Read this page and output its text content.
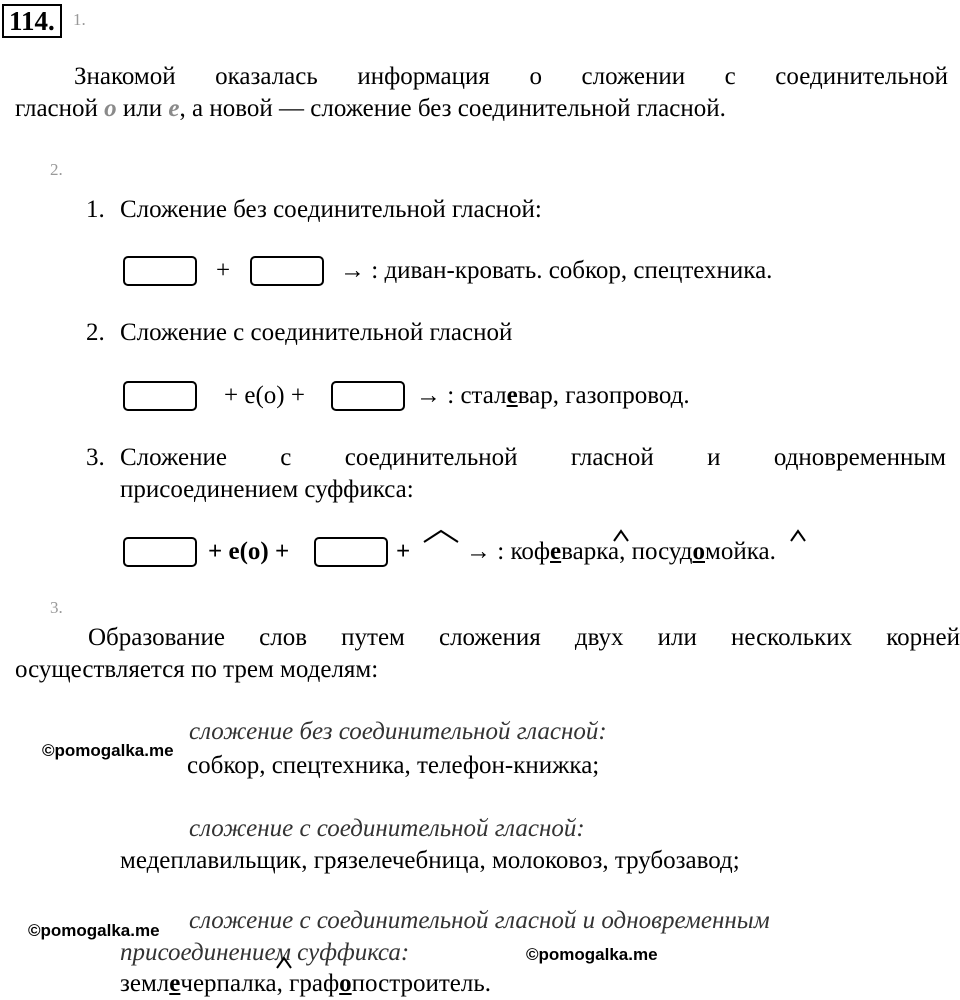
114.	1.
Знакомой оказалась информация о сложении с соединительной
гласной о или е, а новой — сложение без соединительной гласной.
2.
1. Сложение без соединительной гласной:
+	→ : диван-кровать. собкор, спецтехника.
2. Сложение с соединительной гласной
+ е(о) +	→ : сталевар, газопровод.
3. Сложение с соединительной гласной и одновременным
присоединением суффикса:
+ е(о) +	+ → : кофеварка, посудомойка.
3.
Образование слов путем сложения двух или нескольких корней
осуществляется по трем моделям:
сложение без соединительной гласной:
собкор, спецтехника, телефон-книжка;
сложение с соединительной гласной:
медеплавильщик, грязелечебница, молоковоз, трубозавод;
сложение с соединительной гласной и одновременным
присоединением суффикса:
землечерпалка, графопостроитель.
©pomogalka.me
©pomogalka.me
©pomogalka.me
